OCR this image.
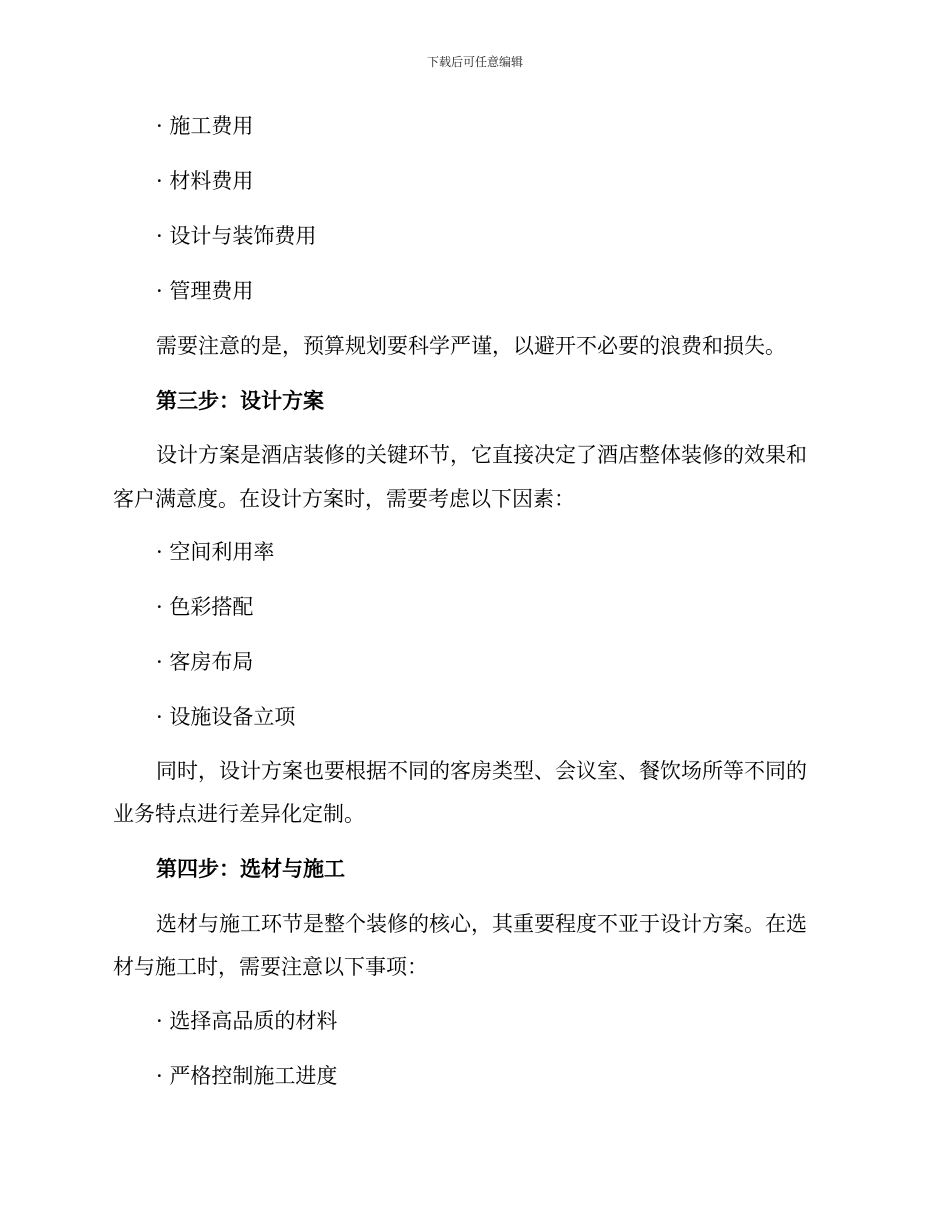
下载后可任意编辑
· 施工费用
· 材料费用
· 设计与装饰费用
· 管理费用
需要注意的是，预算规划要科学严谨，以避开不必要的浪费和损失。
第三步：设计方案
设计方案是酒店装修的关键环节，它直接决定了酒店整体装修的效果和
客户满意度。在设计方案时，需要考虑以下因素：
· 空间利用率
· 色彩搭配
· 客房布局
· 设施设备立项
同时，设计方案也要根据不同的客房类型、会议室、餐饮场所等不同的
业务特点进行差异化定制。
第四步：选材与施工
选材与施工环节是整个装修的核心，其重要程度不亚于设计方案。在选
材与施工时，需要注意以下事项：
· 选择高品质的材料
· 严格控制施工进度
